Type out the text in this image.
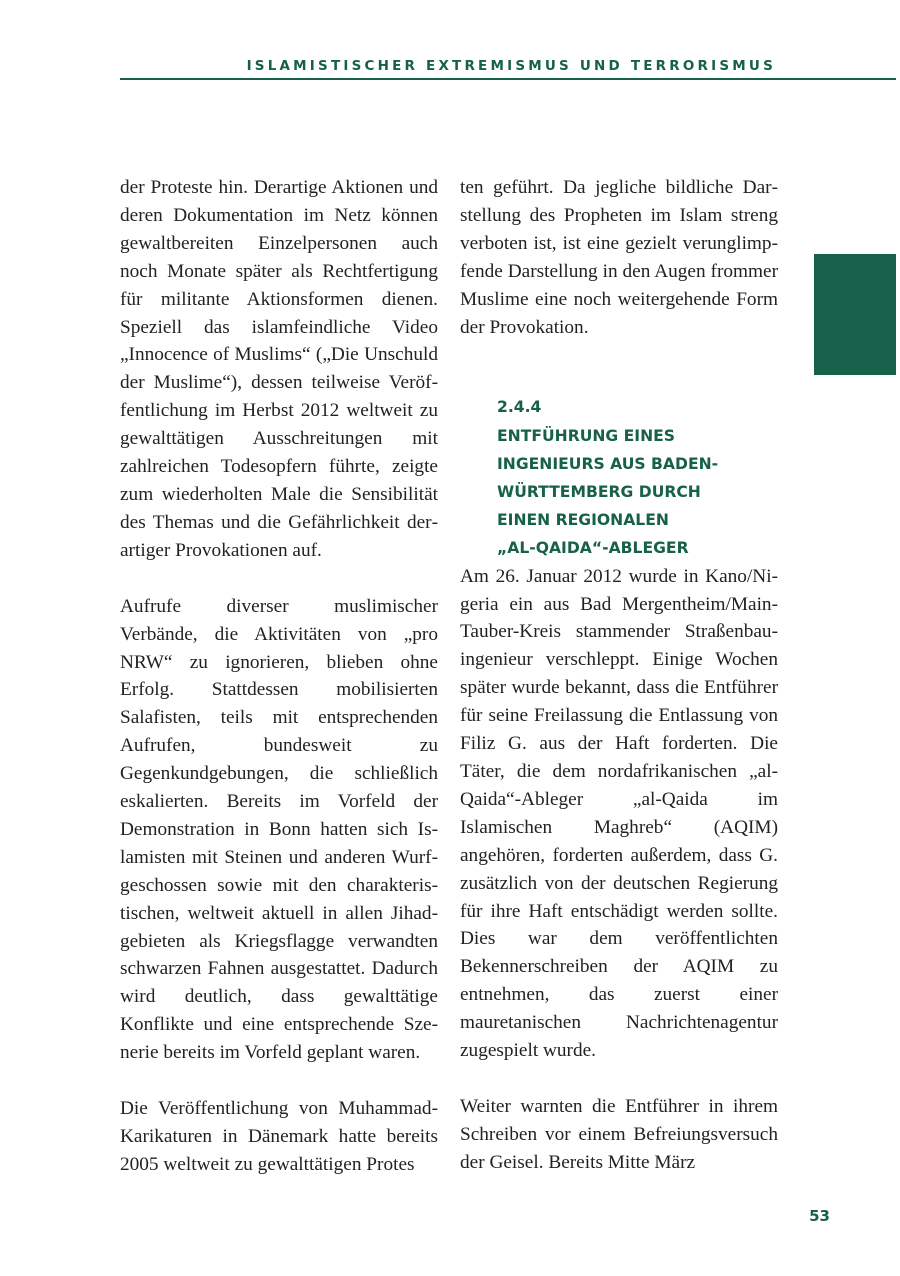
ISLAMISTISCHER EXTREMISMUS UND TERRORISMUS

der Proteste hin. Derartige Aktionen und deren Dokumentation im Netz können gewaltbereiten Einzelpersonen auch noch Monate später als Rechtfertigung für militante Aktionsformen dienen. Speziell das islamfeindliche Video „Innocence of Muslims“ („Die Unschuld der Muslime“), dessen teilweise Veröffentlichung im Herbst 2012 weltweit zu gewalttätigen Ausschreitungen mit zahlreichen Todesopfern führte, zeigte zum wiederholten Male die Sensibilität des Themas und die Gefährlichkeit derartiger Provokationen auf.

Aufrufe diverser muslimischer Verbände, die Aktivitäten von „pro NRW“ zu ignorieren, blieben ohne Erfolg. Stattdessen mobilisierten Salafisten, teils mit entsprechenden Aufrufen, bundesweit zu Gegenkundgebungen, die schließlich eskalierten. Bereits im Vorfeld der Demonstration in Bonn hatten sich Islamisten mit Steinen und anderen Wurfgeschossen sowie mit den charakteristischen, weltweit aktuell in allen Jihadgebieten als Kriegsflagge verwandten schwarzen Fahnen ausgestattet. Dadurch wird deutlich, dass gewalttätige Konflikte und eine entsprechende Szenerie bereits im Vorfeld geplant waren.

Die Veröffentlichung von Muhammad-Karikaturen in Dänemark hatte bereits 2005 weltweit zu gewalttätigen Protes

ten geführt. Da jegliche bildliche Darstellung des Propheten im Islam streng verboten ist, ist eine gezielt verunglimpfende Darstellung in den Augen frommer Muslime eine noch weitergehende Form der Provokation.

2.4.4
ENTFÜHRUNG EINES
INGENIEURS AUS BADEN-
WÜRTTEMBERG DURCH
EINEN REGIONALEN
„AL-QAIDA“-ABLEGER

Am 26. Januar 2012 wurde in Kano/Nigeria ein aus Bad Mergentheim/Main-Tauber-Kreis stammender Straßenbauingenieur verschleppt. Einige Wochen später wurde bekannt, dass die Entführer für seine Freilassung die Entlassung von Filiz G. aus der Haft forderten. Die Täter, die dem nordafrikanischen „al-Qaida“-Ableger „al-Qaida im Islamischen Maghreb“ (AQIM) angehören, forderten außerdem, dass G. zusätzlich von der deutschen Regierung für ihre Haft entschädigt werden sollte. Dies war dem veröffentlichten Bekennerschreiben der AQIM zu entnehmen, das zuerst einer mauretanischen Nachrichtenagentur zugespielt wurde.

Weiter warnten die Entführer in ihrem Schreiben vor einem Befreiungsversuch der Geisel. Bereits Mitte März

53
